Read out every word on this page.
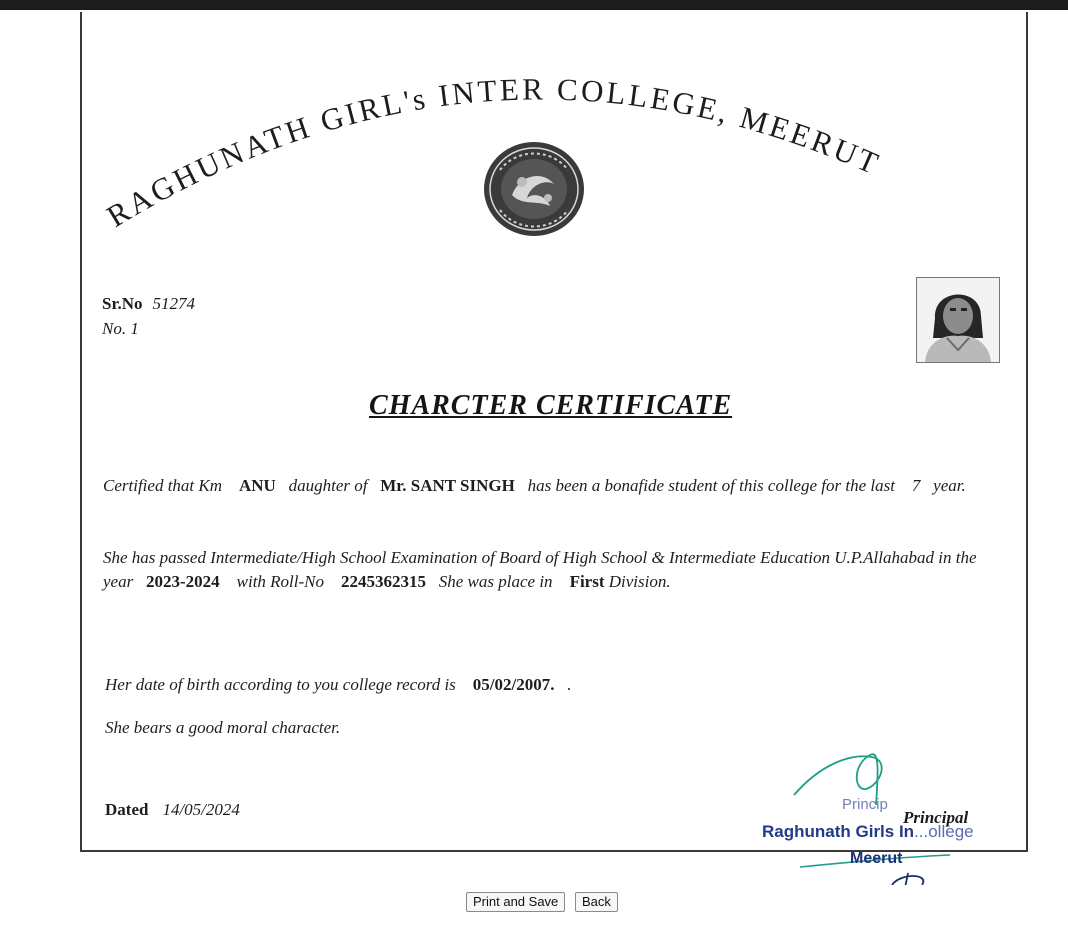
RAGHUNATH GIRL's INTER COLLEGE, MEERUT
Sr.No 51274
No. 1
CHARCTER CERTIFICATE
Certified that Km ANU daughter of Mr. SANT SINGH has been a bonafide student of this college for the last 7 year.
She has passed Intermediate/High School Examination of Board of High School & Intermediate Education U.P.Allahabad in the year 2023-2024 with Roll-No 2245362315 She was place in First Division.
Her date of birth according to you college record is 05/02/2007. .
She bears a good moral character.
Dated 14/05/2024	Princip
Principal
Raghunath Girls In...ollege
Meerut
Print and Save	Back
